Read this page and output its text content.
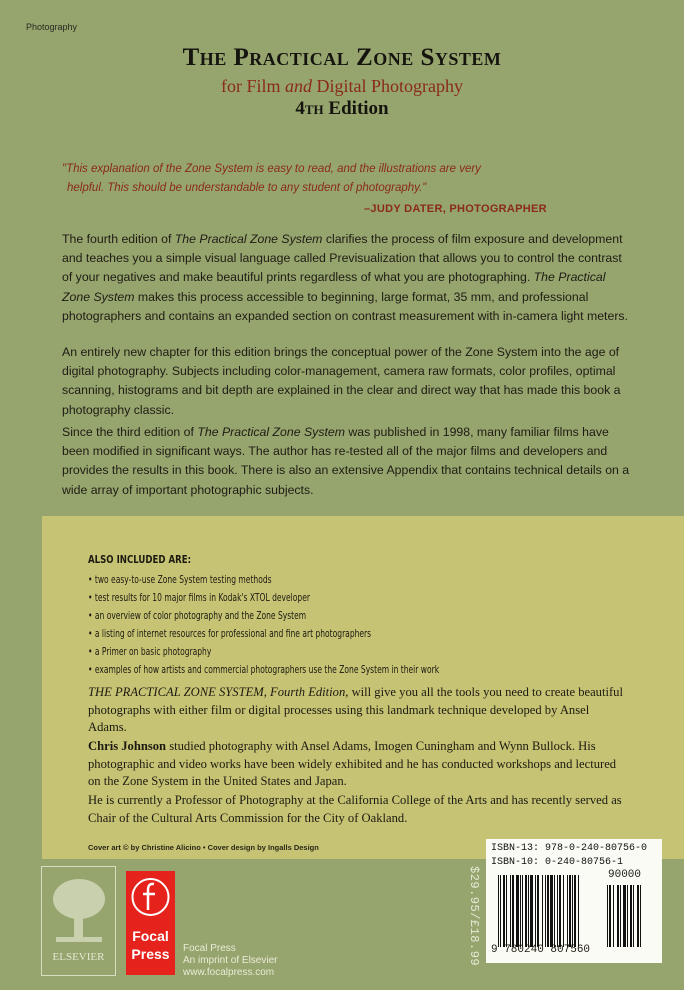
Photography
The Practical Zone System
for Film and Digital Photography
4th Edition
"This explanation of the Zone System is easy to read, and the illustrations are very
helpful. This should be understandable to any student of photography."
–JUDY DATER, PHOTOGRAPHER

The fourth edition of The Practical Zone System clarifies the process of film exposure and development and teaches you a simple visual language called Previsualization that allows you to control the contrast of your negatives and make beautiful prints regardless of what you are photographing. The Practical Zone System makes this process accessible to beginning, large format, 35 mm, and professional photographers and contains an expanded section on contrast measurement with in-camera light meters.

An entirely new chapter for this edition brings the conceptual power of the Zone System into the age of digital photography. Subjects including color-management, camera raw formats, color profiles, optimal scanning, histograms and bit depth are explained in the clear and direct way that has made this book a photography classic.

Since the third edition of The Practical Zone System was published in 1998, many familiar films have been modified in significant ways. The author has re-tested all of the major films and developers and provides the results in this book. There is also an extensive Appendix that contains technical details on a wide array of important photographic subjects.

ALSO INCLUDED ARE:
• two easy-to-use Zone System testing methods
• test results for 10 major films in Kodak's XTOL developer
• an overview of color photography and the Zone System
• a listing of internet resources for professional and fine art photographers
• a Primer on basic photography
• examples of how artists and commercial photographers use the Zone System in their work

THE PRACTICAL ZONE SYSTEM, Fourth Edition, will give you all the tools you need to create beautiful photographs with either film or digital processes using this landmark technique developed by Ansel Adams.

Chris Johnson studied photography with Ansel Adams, Imogen Cuningham and Wynn Bullock. His photographic and video works have been widely exhibited and he has conducted workshops and lectured on the Zone System in the United States and Japan.

He is currently a Professor of Photography at the California College of the Arts and has recently served as Chair of the Cultural Arts Commission for the City of Oakland.

Cover art © by Christine Alicino • Cover design by Ingalls Design
ELSEVIER
Focal
Press	Focal Press
An imprint of Elsevier
www.focalpress.com
$29.95/£18.99
ISBN-13: 978-0-240-80756-0
ISBN-10: 0-240-80756-1
90000
9 780240 807560
